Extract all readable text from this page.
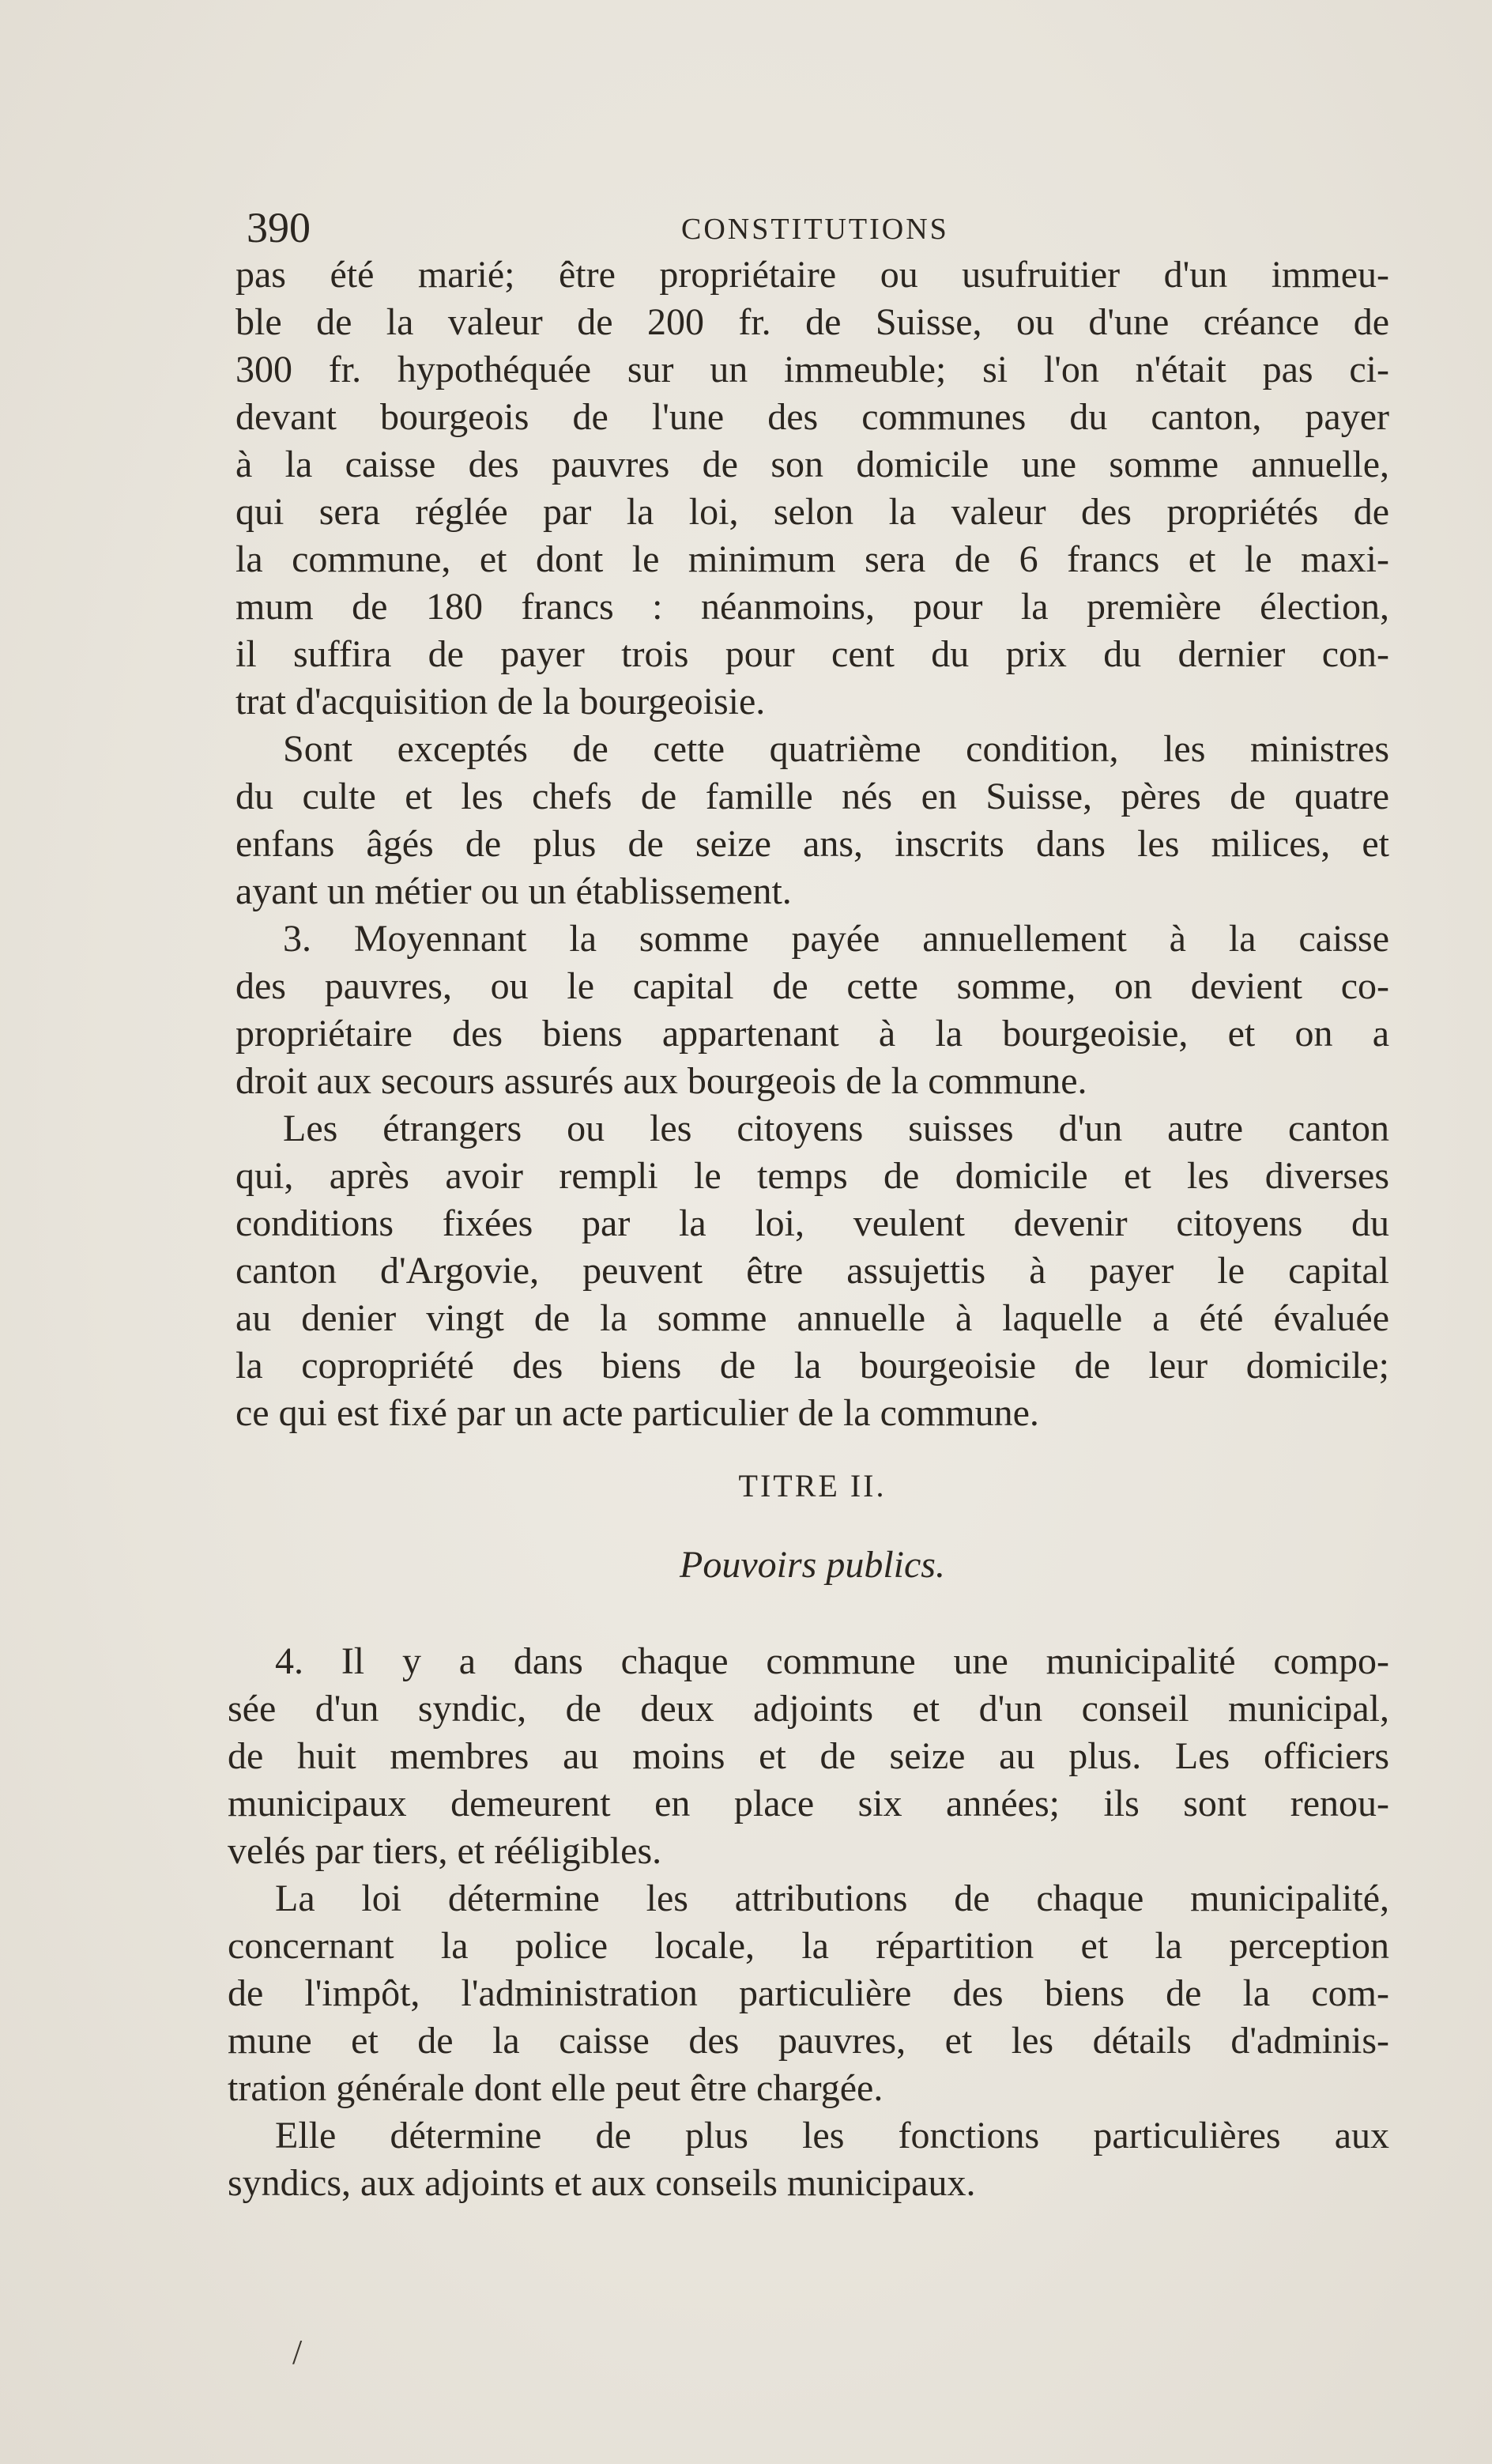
390	CONSTITUTIONS
pas été marié; être propriétaire ou usufruitier d'un immeu-
ble de la valeur de 200 fr. de Suisse, ou d'une créance de
300 fr. hypothéquée sur un immeuble; si l'on n'était pas ci-
devant bourgeois de l'une des communes du canton, payer
à la caisse des pauvres de son domicile une somme annuelle,
qui sera réglée par la loi, selon la valeur des propriétés de
la commune, et dont le minimum sera de 6 francs et le maxi-
mum de 180 francs : néanmoins, pour la première élection,
il suffira de payer trois pour cent du prix du dernier con-
trat d'acquisition de la bourgeoisie.
Sont exceptés de cette quatrième condition, les ministres
du culte et les chefs de famille nés en Suisse, pères de quatre
enfans âgés de plus de seize ans, inscrits dans les milices, et
ayant un métier ou un établissement.
3. Moyennant la somme payée annuellement à la caisse
des pauvres, ou le capital de cette somme, on devient co-
propriétaire des biens appartenant à la bourgeoisie, et on a
droit aux secours assurés aux bourgeois de la commune.
Les étrangers ou les citoyens suisses d'un autre canton
qui, après avoir rempli le temps de domicile et les diverses
conditions fixées par la loi, veulent devenir citoyens du
canton d'Argovie, peuvent être assujettis à payer le capital
au denier vingt de la somme annuelle à laquelle a été évaluée
la copropriété des biens de la bourgeoisie de leur domicile;
ce qui est fixé par un acte particulier de la commune.
TITRE II.
Pouvoirs publics.
4. Il y a dans chaque commune une municipalité compo-
sée d'un syndic, de deux adjoints et d'un conseil municipal,
de huit membres au moins et de seize au plus. Les officiers
municipaux demeurent en place six années; ils sont renou-
velés par tiers, et rééligibles.
La loi détermine les attributions de chaque municipalité,
concernant la police locale, la répartition et la perception
de l'impôt, l'administration particulière des biens de la com-
mune et de la caisse des pauvres, et les détails d'adminis-
tration générale dont elle peut être chargée.
Elle détermine de plus les fonctions particulières aux
syndics, aux adjoints et aux conseils municipaux.
/
